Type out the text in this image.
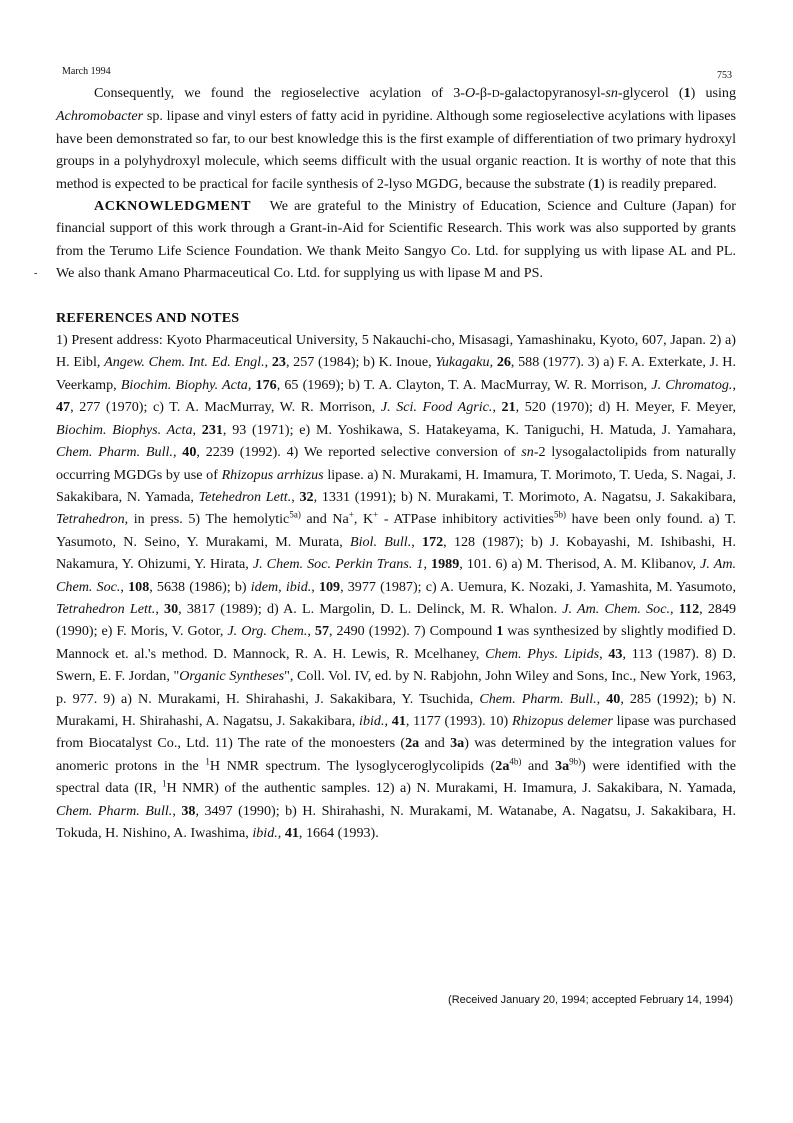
March 1994	753
-

Consequently, we found the regioselective acylation of 3-O-β-D-galactopyranosyl-sn-glycerol (1) using Achromobacter sp. lipase and vinyl esters of fatty acid in pyridine. Although some regioselective acylations with lipases have been demonstrated so far, to our best knowledge this is the first example of differentiation of two primary hydroxyl groups in a polyhydroxyl molecule, which seems difficult with the usual organic reaction. It is worthy of note that this method is expected to be practical for facile synthesis of 2-lyso MGDG, because the substrate (1) is readily prepared.

ACKNOWLEDGMENT We are grateful to the Ministry of Education, Science and Culture (Japan) for financial support of this work through a Grant-in-Aid for Scientific Research. This work was also supported by grants from the Terumo Life Science Foundation. We thank Meito Sangyo Co. Ltd. for supplying us with lipase AL and PL. We also thank Amano Pharmaceutical Co. Ltd. for supplying us with lipase M and PS.

REFERENCES AND NOTES

1) Present address: Kyoto Pharmaceutical University, 5 Nakauchi-cho, Misasagi, Yamashinaku, Kyoto, 607, Japan. 2) a) H. Eibl, Angew. Chem. Int. Ed. Engl., 23, 257 (1984); b) K. Inoue, Yukagaku, 26, 588 (1977). 3) a) F. A. Exterkate, J. H. Veerkamp, Biochim. Biophy. Acta, 176, 65 (1969); b) T. A. Clayton, T. A. MacMurray, W. R. Morrison, J. Chromatog., 47, 277 (1970); c) T. A. MacMurray, W. R. Morrison, J. Sci. Food Agric., 21, 520 (1970); d) H. Meyer, F. Meyer, Biochim. Biophys. Acta, 231, 93 (1971); e) M. Yoshikawa, S. Hatakeyama, K. Taniguchi, H. Matuda, J. Yamahara, Chem. Pharm. Bull., 40, 2239 (1992). 4) We reported selective conversion of sn-2 lysogalactolipids from naturally occurring MGDGs by use of Rhizopus arrhizus lipase. a) N. Murakami, H. Imamura, T. Morimoto, T. Ueda, S. Nagai, J. Sakakibara, N. Yamada, Tetehedron Lett., 32, 1331 (1991); b) N. Murakami, T. Morimoto, A. Nagatsu, J. Sakakibara, Tetrahedron, in press. 5) The hemolytic$^{5a)}$ and Na+, K+ - ATPase inhibitory activities$^{5b)}$ have been only found. a) T. Yasumoto, N. Seino, Y. Murakami, M. Murata, Biol. Bull., 172, 128 (1987); b) J. Kobayashi, M. Ishibashi, H. Nakamura, Y. Ohizumi, Y. Hirata, J. Chem. Soc. Perkin Trans. 1, 1989, 101. 6) a) M. Therisod, A. M. Klibanov, J. Am. Chem. Soc., 108, 5638 (1986); b) idem, ibid., 109, 3977 (1987); c) A. Uemura, K. Nozaki, J. Yamashita, M. Yasumoto, Tetrahedron Lett., 30, 3817 (1989); d) A. L. Margolin, D. L. Delinck, M. R. Whalon. J. Am. Chem. Soc., 112, 2849 (1990); e) F. Moris, V. Gotor, J. Org. Chem., 57, 2490 (1992). 7) Compound 1 was synthesized by slightly modified D. Mannock et. al.'s method. D. Mannock, R. A. H. Lewis, R. Mcelhaney, Chem. Phys. Lipids, 43, 113 (1987). 8) D. Swern, E. F. Jordan, "Organic Syntheses", Coll. Vol. IV, ed. by N. Rabjohn, John Wiley and Sons, Inc., New York, 1963, p. 977. 9) a) N. Murakami, H. Shirahashi, J. Sakakibara, Y. Tsuchida, Chem. Pharm. Bull., 40, 285 (1992); b) N. Murakami, H. Shirahashi, A. Nagatsu, J. Sakakibara, ibid., 41, 1177 (1993). 10) Rhizopus delemer lipase was purchased from Biocatalyst Co., Ltd. 11) The rate of the monoesters (2a and 3a) was determined by the integration values for anomeric protons in the $^1$H NMR spectrum. The lysoglyceroglycolipids ($2a^{4b)}$ and $3a^{9b)}$) were identified with the spectral data (IR, $^1$H NMR) of the authentic samples. 12) a) N. Murakami, H. Imamura, J. Sakakibara, N. Yamada, Chem. Pharm. Bull., 38, 3497 (1990); b) H. Shirahashi, N. Murakami, M. Watanabe, A. Nagatsu, J. Sakakibara, H. Tokuda, H. Nishino, A. Iwashima, ibid., 41, 1664 (1993).

(Received January 20, 1994; accepted February 14, 1994)
